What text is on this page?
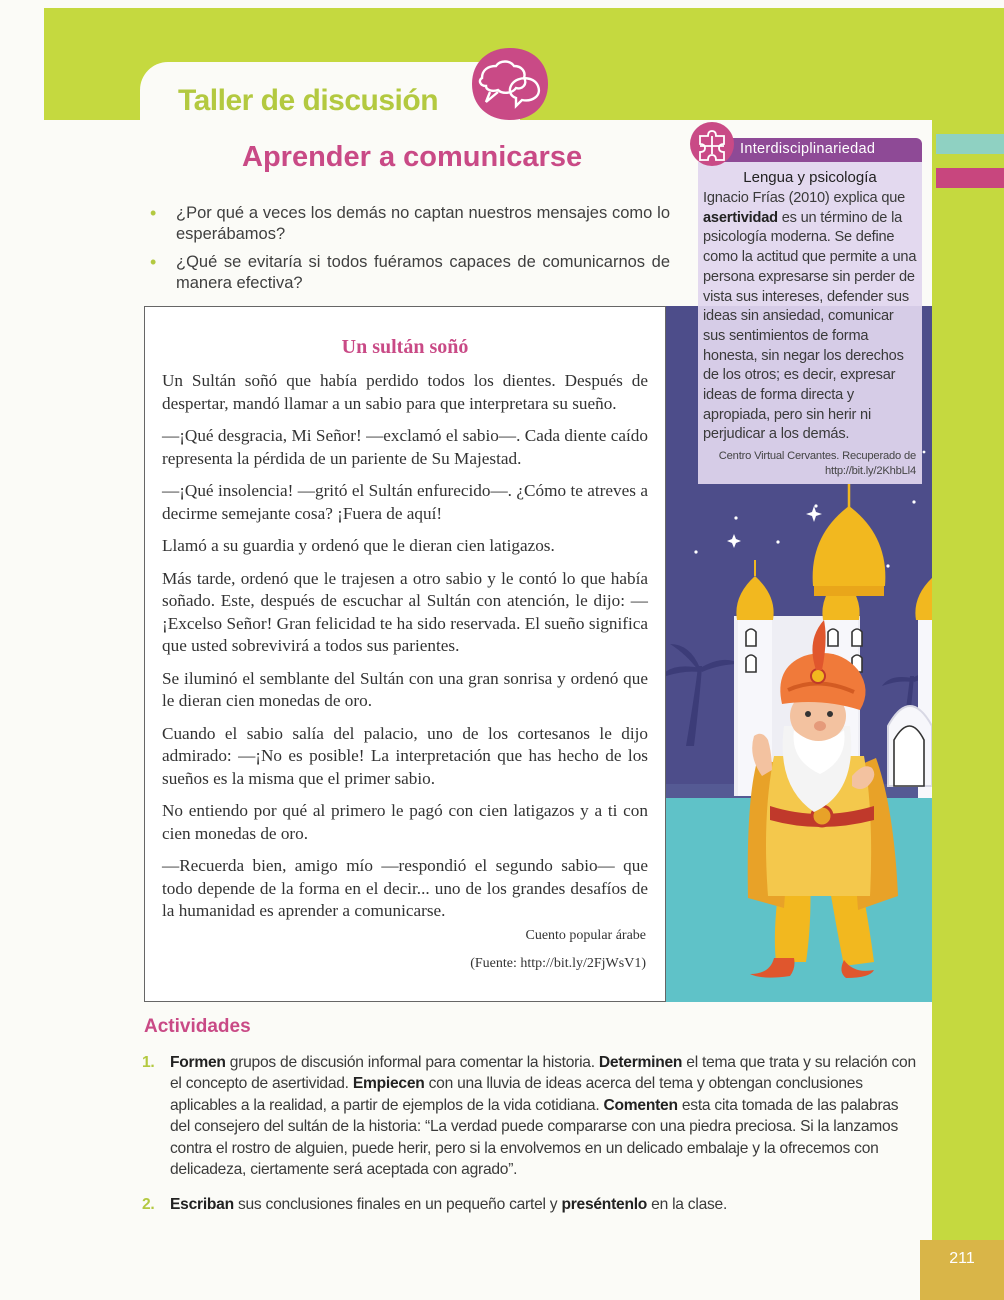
211
Taller de discusión
Aprender a comunicarse
• ¿Por qué a veces los demás no captan nuestros mensajes como lo esperábamos?
• ¿Qué se evitaría si todos fuéramos capaces de comunicarnos de manera efectiva?
Un sultán soñó

Un Sultán soñó que había perdido todos los dientes. Después de despertar, mandó llamar a un sabio para que interpretara su sueño.

—¡Qué desgracia, Mi Señor! —exclamó el sabio—. Cada diente caído representa la pérdida de un pariente de Su Majestad.

—¡Qué insolencia! —gritó el Sultán enfurecido—. ¿Cómo te atreves a decirme semejante cosa? ¡Fuera de aquí!

Llamó a su guardia y ordenó que le dieran cien latigazos.

Más tarde, ordenó que le trajesen a otro sabio y le contó lo que había soñado. Este, después de escuchar al Sultán con atención, le dijo: —¡Excelso Señor! Gran felicidad te ha sido reservada. El sueño significa que usted sobrevivirá a todos sus parientes.

Se iluminó el semblante del Sultán con una gran sonrisa y ordenó que le dieran cien monedas de oro.

Cuando el sabio salía del palacio, uno de los cortesanos le dijo admirado: —¡No es posible! La interpretación que has hecho de los sueños es la misma que el primer sabio.

No entiendo por qué al primero le pagó con cien latigazos y a ti con cien monedas de oro.

—Recuerda bien, amigo mío —respondió el segundo sabio— que todo depende de la forma en el decir... uno de los grandes desafíos de la humanidad es aprender a comunicarse.

Cuento popular árabe
(Fuente: http://bit.ly/2FjWsV1)
Interdisciplinariedad
Lengua y psicología
Ignacio Frías (2010) explica que asertividad es un término de la psicología moderna. Se define como la actitud que permite a una persona expresarse sin perder de vista sus intereses, defender sus ideas sin ansiedad, comunicar sus sentimientos de forma honesta, sin negar los derechos de los otros; es decir, expresar ideas de forma directa y apropiada, pero sin herir ni perjudicar a los demás.
Centro Virtual Cervantes. Recuperado de
http://bit.ly/2KhbLl4
Actividades
1. Formen grupos de discusión informal para comentar la historia. Determinen el tema que trata y su relación con el concepto de asertividad. Empiecen con una lluvia de ideas acerca del tema y obtengan conclusiones aplicables a la realidad, a partir de ejemplos de la vida cotidiana. Comenten esta cita tomada de las palabras del consejero del sultán de la historia: “La verdad puede compararse con una piedra preciosa. Si la lanzamos contra el rostro de alguien, puede herir, pero si la envolvemos en un delicado embalaje y la ofrecemos con delicadeza, ciertamente será aceptada con agrado”.
2. Escriban sus conclusiones finales en un pequeño cartel y preséntenlo en la clase.
